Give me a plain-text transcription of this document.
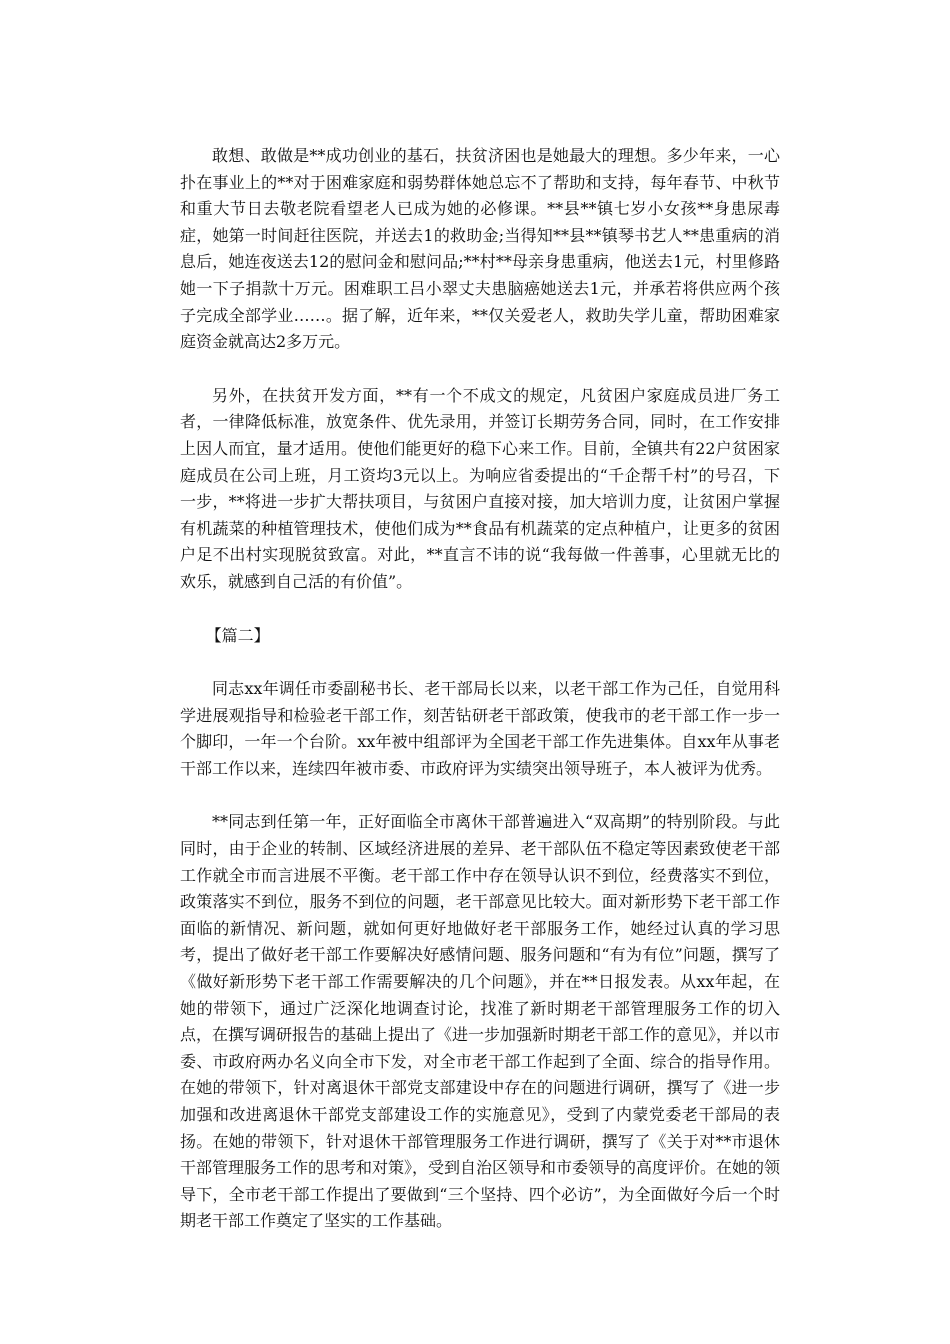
敢想、敢做是**成功创业的基石，扶贫济困也是她最大的理想。多少年来，一心扑在事业上的**对于困难家庭和弱势群体她总忘不了帮助和支持，每年春节、中秋节和重大节日去敬老院看望老人已成为她的必修课。**县**镇七岁小女孩**身患尿毒症，她第一时间赶往医院，并送去1的救助金;当得知**县**镇琴书艺人**患重病的消息后，她连夜送去12的慰问金和慰问品;**村**母亲身患重病，他送去1元，村里修路她一下子捐款十万元。困难职工吕小翠丈夫患脑癌她送去1元，并承若将供应两个孩子完成全部学业……。据了解，近年来，**仅关爱老人，救助失学儿童，帮助困难家庭资金就高达2多万元。

另外，在扶贫开发方面，**有一个不成文的规定，凡贫困户家庭成员进厂务工者，一律降低标准，放宽条件、优先录用，并签订长期劳务合同，同时，在工作安排上因人而宜，量才适用。使他们能更好的稳下心来工作。目前，全镇共有22户贫困家庭成员在公司上班，月工资均3元以上。为响应省委提出的“千企帮千村”的号召，下一步，**将进一步扩大帮扶项目，与贫困户直接对接，加大培训力度，让贫困户掌握有机蔬菜的种植管理技术，使他们成为**食品有机蔬菜的定点种植户，让更多的贫困户足不出村实现脱贫致富。对此，**直言不讳的说“我每做一件善事，心里就无比的欢乐，就感到自己活的有价值”。

【篇二】

同志xx年调任市委副秘书长、老干部局长以来，以老干部工作为己任，自觉用科学进展观指导和检验老干部工作，刻苦钻研老干部政策，使我市的老干部工作一步一个脚印，一年一个台阶。xx年被中组部评为全国老干部工作先进集体。自xx年从事老干部工作以来，连续四年被市委、市政府评为实绩突出领导班子，本人被评为优秀。

**同志到任第一年，正好面临全市离休干部普遍进入“双高期”的特别阶段。与此同时，由于企业的转制、区域经济进展的差异、老干部队伍不稳定等因素致使老干部工作就全市而言进展不平衡。老干部工作中存在领导认识不到位，经费落实不到位，政策落实不到位，服务不到位的问题，老干部意见比较大。面对新形势下老干部工作面临的新情况、新问题，就如何更好地做好老干部服务工作，她经过认真的学习思考，提出了做好老干部工作要解决好感情问题、服务问题和“有为有位”问题，撰写了《做好新形势下老干部工作需要解决的几个问题》，并在**日报发表。从xx年起，在她的带领下，通过广泛深化地调查讨论，找准了新时期老干部管理服务工作的切入点，在撰写调研报告的基础上提出了《进一步加强新时期老干部工作的意见》，并以市委、市政府两办名义向全市下发，对全市老干部工作起到了全面、综合的指导作用。在她的带领下，针对离退休干部党支部建设中存在的问题进行调研，撰写了《进一步加强和改进离退休干部党支部建设工作的实施意见》，受到了内蒙党委老干部局的表扬。在她的带领下，针对退休干部管理服务工作进行调研，撰写了《关于对**市退休干部管理服务工作的思考和对策》，受到自治区领导和市委领导的高度评价。在她的领导下，全市老干部工作提出了要做到“三个坚持、四个必访”，为全面做好今后一个时期老干部工作奠定了坚实的工作基础。
